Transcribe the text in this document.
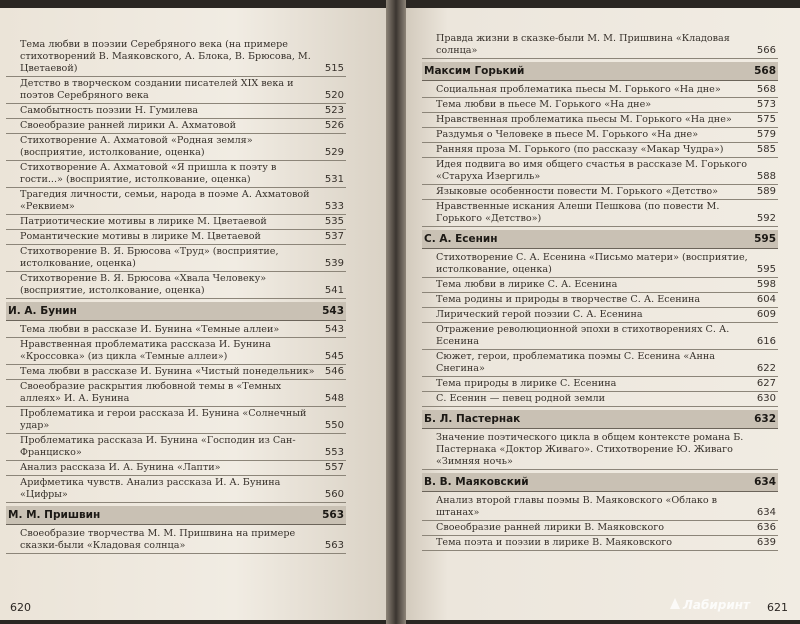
Тема любви в поэзии Серебряного века (на примере стихотворений В. Маяковского, А. Блока, В. Брюсова, М. Цветаевой)	515
Детство в творческом создании писателей XIX века и поэтов Серебряного века	520
Самобытность поэзии Н. Гумилева	523
Своеобразие ранней лирики А. Ахматовой	526
Стихотворение А. Ахматовой «Родная земля» (восприятие, истолкование, оценка)	529
Стихотворение А. Ахматовой «Я пришла к поэту в гости...» (восприятие, истолкование, оценка)	531
Трагедия личности, семьи, народа в поэме А. Ахматовой «Реквием»	533
Патриотические мотивы в лирике М. Цветаевой	535
Романтические мотивы в лирике М. Цветаевой	537
Стихотворение В. Я. Брюсова «Труд» (восприятие, истолкование, оценка)	539
Стихотворение В. Я. Брюсова «Хвала Человеку» (восприятие, истолкование, оценка)	541
И. А. Бунин	543
Тема любви в рассказе И. Бунина «Темные аллеи»	543
Нравственная проблематика рассказа И. Бунина «Кроссовка» (из цикла «Темные аллеи»)	545
Тема любви в рассказе И. Бунина «Чистый понедельник»	546
Своеобразие раскрытия любовной темы в «Темных аллеях» И. А. Бунина	548
Проблематика и герои рассказа И. Бунина «Солнечный удар»	550
Проблематика рассказа И. Бунина «Господин из Сан-Франциско»	553
Анализ рассказа И. А. Бунина «Лапти»	557
Арифметика чувств. Анализ рассказа И. А. Бунина «Цифры»	560
М. М. Пришвин	563
Своеобразие творчества М. М. Пришвина на примере сказки-были «Кладовая солнца»	563
620
Правда жизни в сказке-были М. М. Пришвина «Кладовая солнца»	566
Максим Горький	568
Социальная проблематика пьесы М. Горького «На дне»	568
Тема любви в пьесе М. Горького «На дне»	573
Нравственная проблематика пьесы М. Горького «На дне»	575
Раздумья о Человеке в пьесе М. Горького «На дне»	579
Ранняя проза М. Горького (по рассказу «Макар Чудра»)	585
Идея подвига во имя общего счастья в рассказе М. Горького «Старуха Изергиль»	588
Языковые особенности повести М. Горького «Детство»	589
Нравственные искания Алеши Пешкова (по повести М. Горького «Детство»)	592
С. А. Есенин	595
Стихотворение С. А. Есенина «Письмо матери» (восприятие, истолкование, оценка)	595
Тема любви в лирике С. А. Есенина	598
Тема родины и природы в творчестве С. А. Есенина	604
Лирический герой поэзии С. А. Есенина	609
Отражение революционной эпохи в стихотворениях С. А. Есенина	616
Сюжет, герои, проблематика поэмы С. Есенина «Анна Снегина»	622
Тема природы в лирике С. Есенина	627
С. Есенин — певец родной земли	630
Б. Л. Пастернак	632
Значение поэтического цикла в общем контексте романа Б. Пастернака «Доктор Живаго». Стихотворение Ю. Живаго «Зимняя ночь»
В. В. Маяковский	634
Анализ второй главы поэмы В. Маяковского «Облако в штанах»	634
Своеобразие ранней лирики В. Маяковского	636
Тема поэта и поэзии в лирике В. Маяковского	639
Лабиринт 621
